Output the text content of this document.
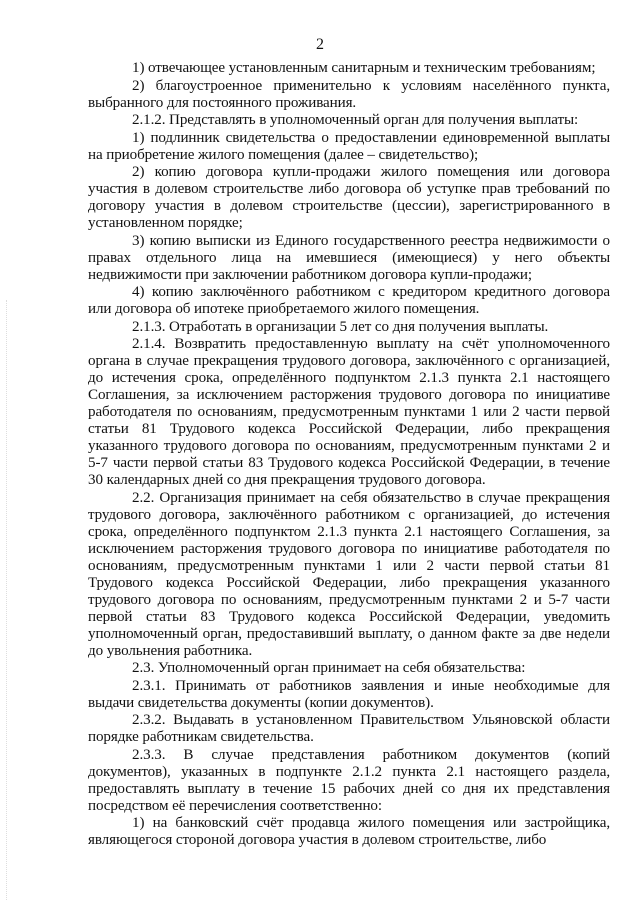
2

1) отвечающее установленным санитарным и техническим требованиям;

2) благоустроенное применительно к условиям населённого пункта, выбранного для постоянного проживания.

2.1.2. Представлять в уполномоченный орган для получения выплаты:

1) подлинник свидетельства о предоставлении единовременной выплаты на приобретение жилого помещения (далее – свидетельство);

2) копию договора купли-продажи жилого помещения или договора участия в долевом строительстве либо договора об уступке прав требований по договору участия в долевом строительстве (цессии), зарегистрированного в установленном порядке;

3) копию выписки из Единого государственного реестра недвижимости о правах отдельного лица на имевшиеся (имеющиеся) у него объекты недвижимости при заключении работником договора купли-продажи;

4) копию заключённого работником с кредитором кредитного договора или договора об ипотеке приобретаемого жилого помещения.

2.1.3. Отработать в организации 5 лет со дня получения выплаты.

2.1.4. Возвратить предоставленную выплату на счёт уполномоченного органа в случае прекращения трудового договора, заключённого с организацией, до истечения срока, определённого подпунктом 2.1.3 пункта 2.1 настоящего Соглашения, за исключением расторжения трудового договора по инициативе работодателя по основаниям, предусмотренным пунктами 1 или 2 части первой статьи 81 Трудового кодекса Российской Федерации, либо прекращения указанного трудового договора по основаниям, предусмотренным пунктами 2 и 5-7 части первой статьи 83 Трудового кодекса Российской Федерации, в течение 30 календарных дней со дня прекращения трудового договора.

2.2. Организация принимает на себя обязательство в случае прекращения трудового договора, заключённого работником с организацией, до истечения срока, определённого подпунктом 2.1.3 пункта 2.1 настоящего Соглашения, за исключением расторжения трудового договора по инициативе работодателя по основаниям, предусмотренным пунктами 1 или 2 части первой статьи 81 Трудового кодекса Российской Федерации, либо прекращения указанного трудового договора по основаниям, предусмотренным пунктами 2 и 5-7 части первой статьи 83 Трудового кодекса Российской Федерации, уведомить уполномоченный орган, предоставивший выплату, о данном факте за две недели до увольнения работника.

2.3. Уполномоченный орган принимает на себя обязательства:

2.3.1. Принимать от работников заявления и иные необходимые для выдачи свидетельства документы (копии документов).

2.3.2. Выдавать в установленном Правительством Ульяновской области порядке работникам свидетельства.

2.3.3. В случае представления работником документов (копий документов), указанных в подпункте 2.1.2 пункта 2.1 настоящего раздела, предоставлять выплату в течение 15 рабочих дней со дня их представления посредством её перечисления соответственно:

1) на банковский счёт продавца жилого помещения или застройщика, являющегося стороной договора участия в долевом строительстве, либо
